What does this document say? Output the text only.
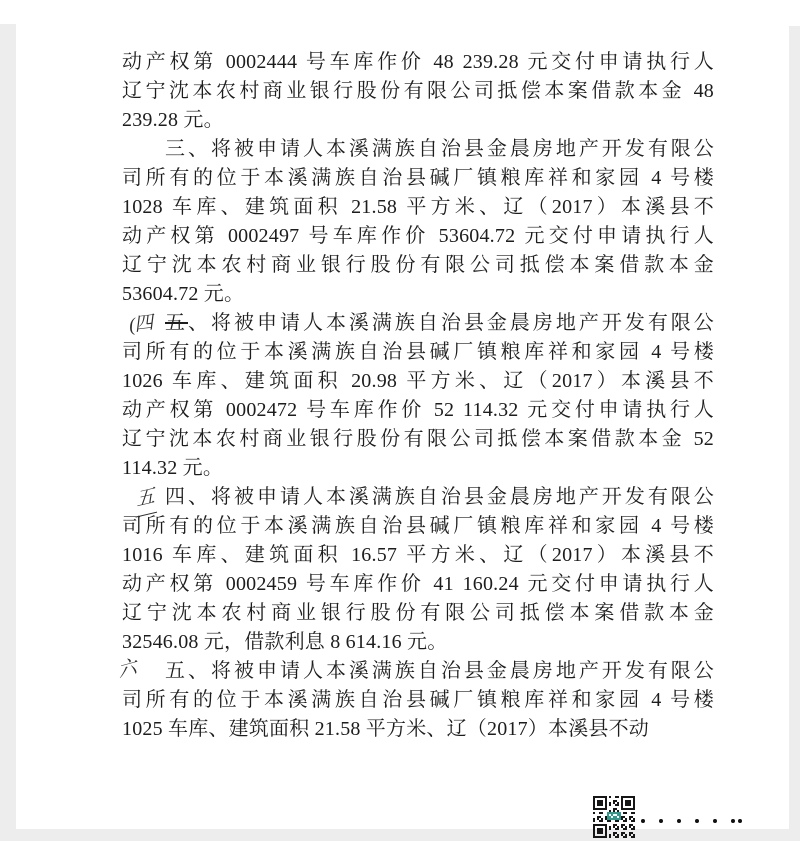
动产权第 0002444 号车库作价 48 239.28 元交付申请执行人
辽宁沈本农村商业银行股份有限公司抵偿本案借款本金 48
239.28 元。
三、将被申请人本溪满族自治县金晨房地产开发有限公
司所有的位于本溪满族自治县碱厂镇粮库祥和家园 4 号楼
1028 车库、建筑面积 21.58 平方米、辽（2017）本溪县不
动产权第 0002497 号车库作价 53604.72 元交付申请执行人
辽宁沈本农村商业银行股份有限公司抵偿本案借款本金
53604.72 元。
(四 五、将被申请人本溪满族自治县金晨房地产开发有限公
司所有的位于本溪满族自治县碱厂镇粮库祥和家园 4 号楼
1026 车库、建筑面积 20.98 平方米、辽（2017）本溪县不
动产权第 0002472 号车库作价 52 114.32 元交付申请执行人
辽宁沈本农村商业银行股份有限公司抵偿本案借款本金 52
114.32 元。
五 四、将被申请人本溪满族自治县金晨房地产开发有限公
司所有的位于本溪满族自治县碱厂镇粮库祥和家园 4 号楼
1016 车库、建筑面积 16.57 平方米、辽（2017）本溪县不
动产权第 0002459 号车库作价 41 160.24 元交付申请执行人
辽宁沈本农村商业银行股份有限公司抵偿本案借款本金
32546.08 元，借款利息 8 614.16 元。
六 五、将被申请人本溪满族自治县金晨房地产开发有限公
司所有的位于本溪满族自治县碱厂镇粮库祥和家园 4 号楼
1025 车库、建筑面积 21.58 平方米、辽（2017）本溪县不动
